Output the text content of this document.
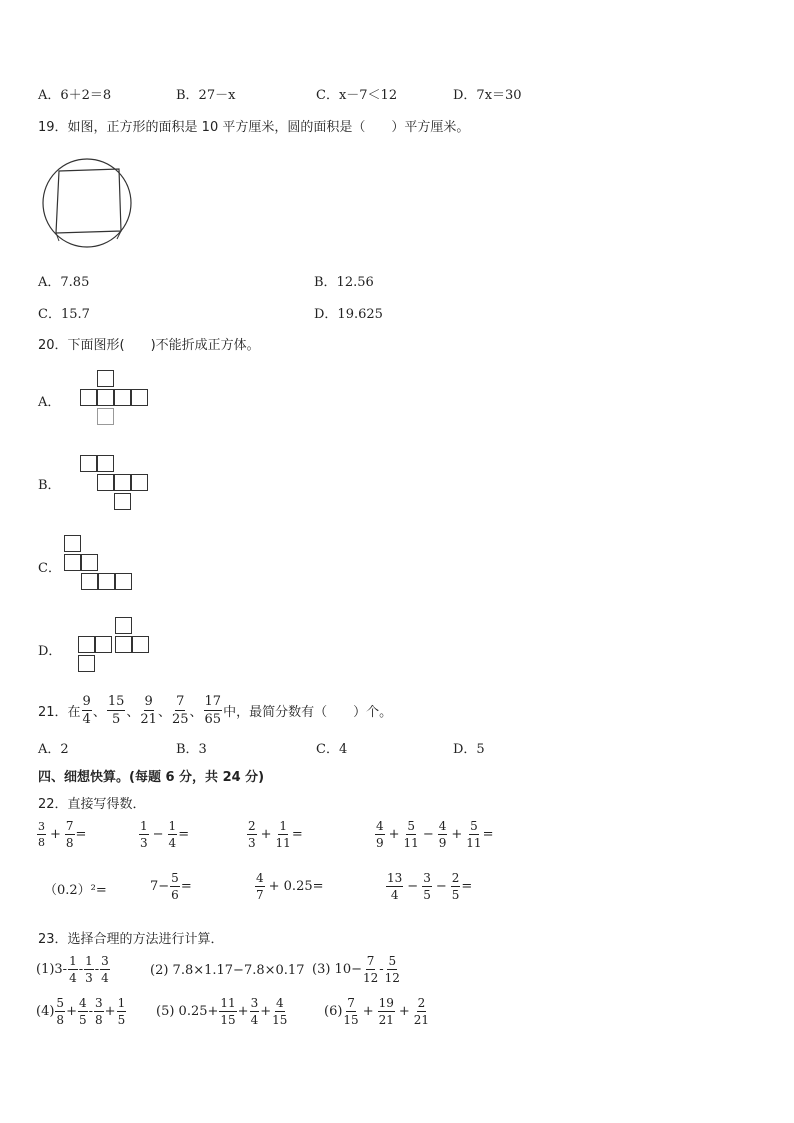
A．6＋2＝8	B．27－x	C．x－7＜12	D．7x＝30
19．如图，正方形的面积是 10 平方厘米，圆的面积是（　　）平方厘米。
A．7.85	B．12.56
C．15.7	D．19.625
20．下面图形(　　)不能折成正方体。
A．
B．
C．
D．
21．在 $\frac{9}{4}$ 、 $\frac{15}{5}$ 、 $\frac{9}{21}$ 、 $\frac{7}{25}$ 、 $\frac{17}{65}$ 中，最简分数有（　　）个。
A．2	B．3	C．4	D．5
四、细想快算。(每题 6 分，共 24 分)
22．直接写得数．
$\frac{3}{8} + \frac{7}{8}$ =	$\frac{1}{3} - \frac{1}{4}$ =	$\frac{2}{3} + \frac{1}{11}$ =	$\frac{4}{9} + \frac{5}{11} - \frac{4}{9} + \frac{5}{11}$ =
（0.2）²=	$7- \frac{5}{6}$ =	$\frac{4}{7} + 0.25=$	$\frac{13}{4} - \frac{3}{5} - \frac{2}{5}$ =
23．选择合理的方法进行计算．
$(1)3- \frac{1}{4} - \frac{1}{3} - \frac{3}{4}$	(2) 7.8×1.17−7.8×0.17 (3) $10- \frac{7}{12} - \frac{5}{12}$
$(4) \frac{5}{8} + \frac{4}{5} - \frac{3}{8} + \frac{1}{5} (5)$ $0.25+ \frac{11}{15} + \frac{3}{4} + \frac{4}{15}$	$(6) \frac{7}{15} + \frac{19}{21} + \frac{2}{21}$
